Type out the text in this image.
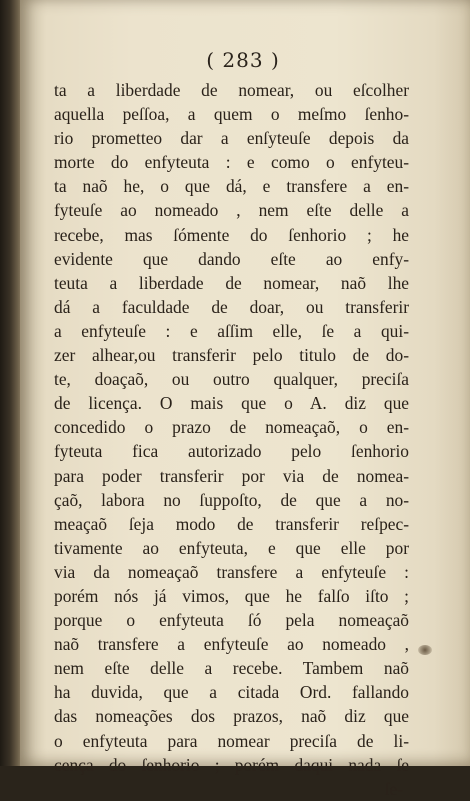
( 283 )
ta a liberdade de nomear, ou eſcolher
aquella peſſoa, a quem o meſmo ſenho-
rio prometteo dar a enſyteuſe depois da
morte do enfyteuta : e como o enfyteu-
ta naõ he, o que dá, e transfere a en-
fyteuſe ao nomeado , nem eſte delle a
recebe, mas ſómente do ſenhorio ; he
evidente que dando eſte ao enfy-
teuta a liberdade de nomear, naõ lhe
dá a faculdade de doar, ou transferir
a enfyteuſe : e aſſim elle, ſe a qui-
zer alhear,ou transferir pelo titulo de do-
te, doaçaõ, ou outro qualquer, preciſa
de licença. O mais que o A. diz que
concedido o prazo de nomeaçaõ, o en-
fyteuta fica autorizado pelo ſenhorio
para poder transferir por via de nomea-
çaõ, labora no ſuppoſto, de que a no-
meaçaõ ſeja modo de transferir reſpec-
tivamente ao enfyteuta, e que elle por
via da nomeaçaõ transfere a enfyteuſe :
porém nós já vimos, que he falſo iſto ;
porque o enfyteuta ſó pela nomeaçaõ
naõ transfere a enfyteuſe ao nomeado ,
nem eſte delle a recebe. Tambem naõ
ha duvida, que a citada Ord. fallando
das nomeações dos prazos, naõ diz que
o enfyteuta para nomear preciſa de li-
cença do ſenhorio ; porém daqui nada ſe
ſe-
